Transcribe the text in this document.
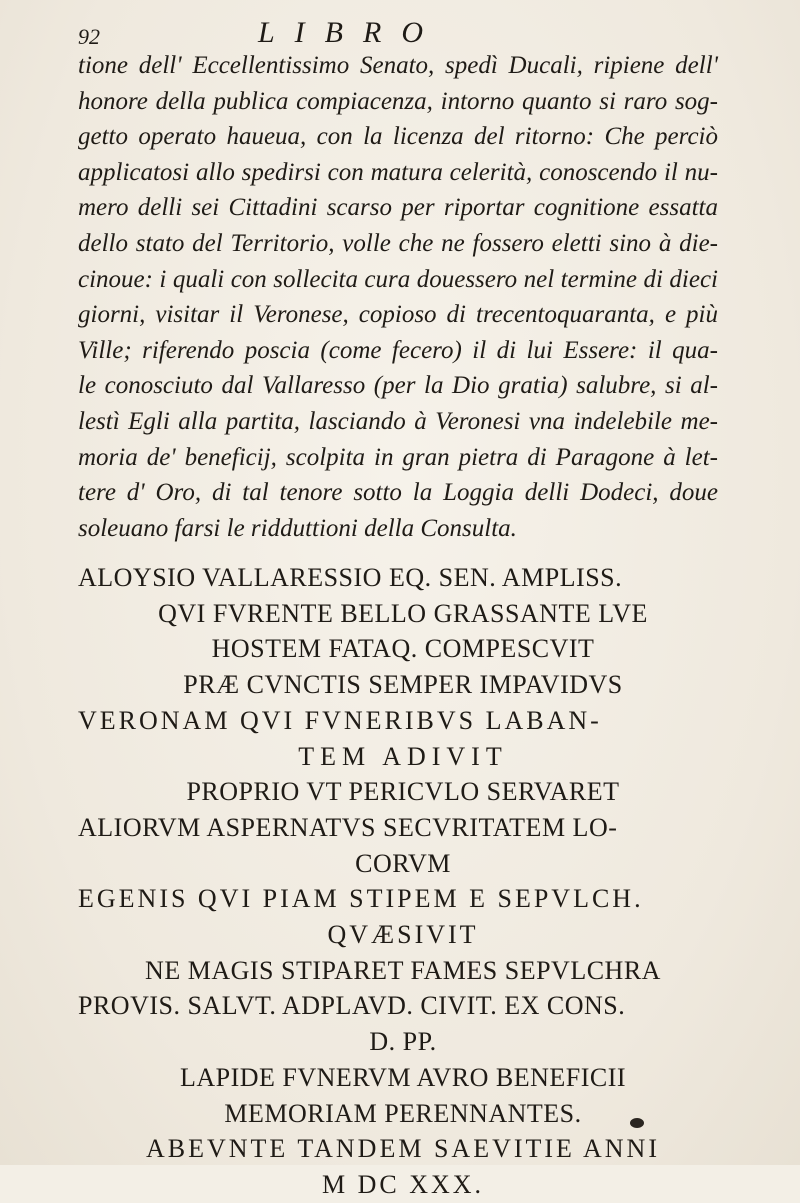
92	LIBRO
tione dell' Eccellentissimo Senato, spedì Ducali, ripiene dell'
honore della publica compiacenza, intorno quanto si raro sog-
getto operato haueua, con la licenza del ritorno: Che perciò
applicatosi allo spedirsi con matura celerità, conoscendo il nu-
mero delli sei Cittadini scarso per riportar cognitione essatta
dello stato del Territorio, volle che ne fossero eletti sino à die-
cinoue: i quali con sollecita cura douessero nel termine di dieci
giorni, visitar il Veronese, copioso di trecentoquaranta, e più
Ville; riferendo poscia (come fecero) il di lui Essere: il qua-
le conosciuto dal Vallaresso (per la Dio gratia) salubre, si al-
lestì Egli alla partita, lasciando à Veronesi vna indelebile me-
moria de' beneficij, scolpita in gran pietra di Paragone à let-
tere d' Oro, di tal tenore sotto la Loggia delli Dodeci, doue
soleuano farsi le ridduttioni della Consulta.
ALOYSIO VALLARESSIO EQ. SEN. AMPLISS.
QVI FVRENTE BELLO GRASSANTE LVE
HOSTEM FATAQ. COMPESCVIT
PRÆ CVNCTIS SEMPER IMPAVIDVS
VERONAM QVI FVNERIBVS LABAN-
TEM ADIVIT
PROPRIO VT PERICVLO SERVARET
ALIORVM ASPERNATVS SECVRITATEM LO-
CORVM
EGENIS QVI PIAM STIPEM E SEPVLCH.
QVÆSIVIT
NE MAGIS STIPARET FAMES SEPVLCHRA
PROVIS. SALVT. ADPLAVD. CIVIT. EX CONS.
D. PP.
LAPIDE FVNERVM AVRO BENEFICII
MEMORIAM PERENNANTES.
ABEVNTE TANDEM SAEVITIE ANNI
M DC XXX.
